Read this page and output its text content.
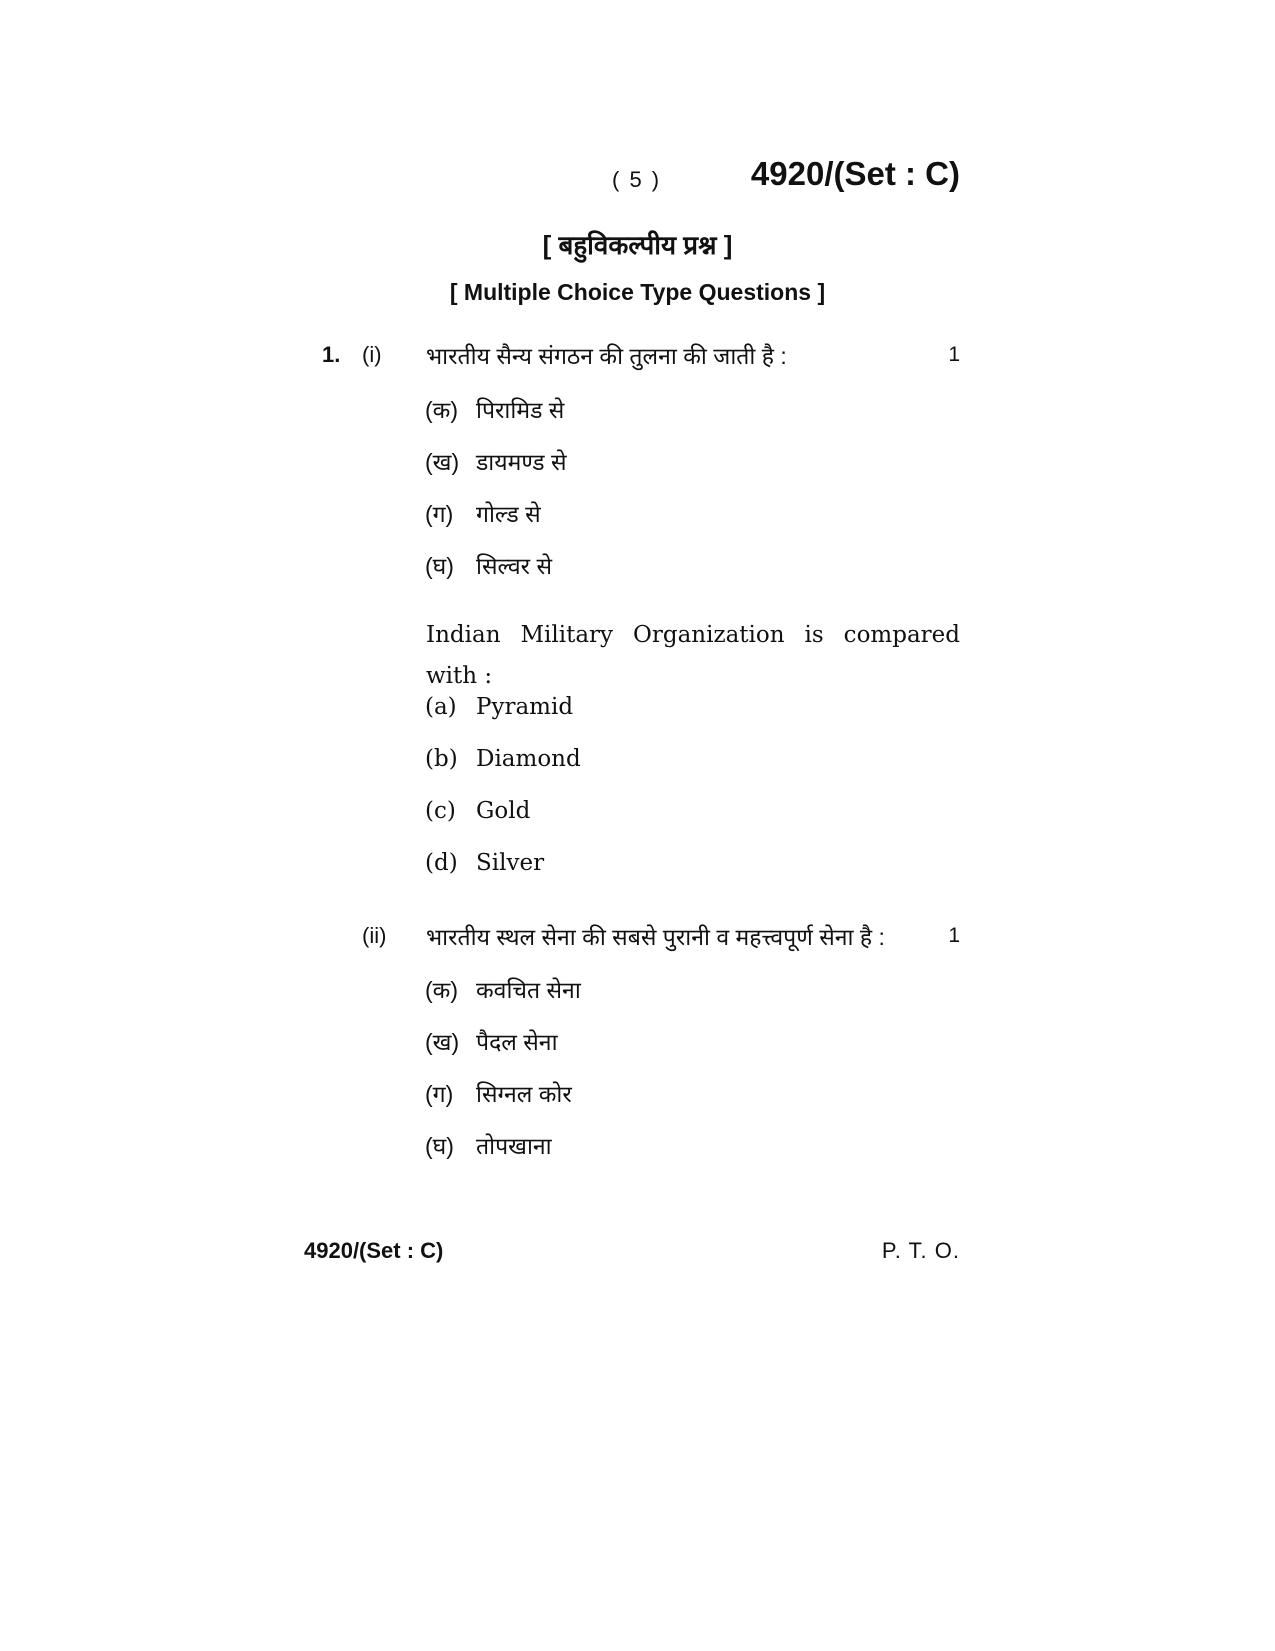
( 5 )	4920/(Set : C)
[ बहुविकल्पीय प्रश्न ]
[ Multiple Choice Type Questions ]
1. (i) भारतीय सैन्य संगठन की तुलना की जाती है :	1
(क) पिरामिड से
(ख) डायमण्ड से
(ग) गोल्ड से
(घ) सिल्वर से
Indian Military Organization is compared
with :
(a) Pyramid
(b) Diamond
(c) Gold
(d) Silver
(ii) भारतीय स्थल सेना की सबसे पुरानी व महत्त्वपूर्ण सेना है :	1
(क) कवचित सेना
(ख) पैदल सेना
(ग) सिग्नल कोर
(घ) तोपखाना
4920/(Set : C)	P. T. O.
